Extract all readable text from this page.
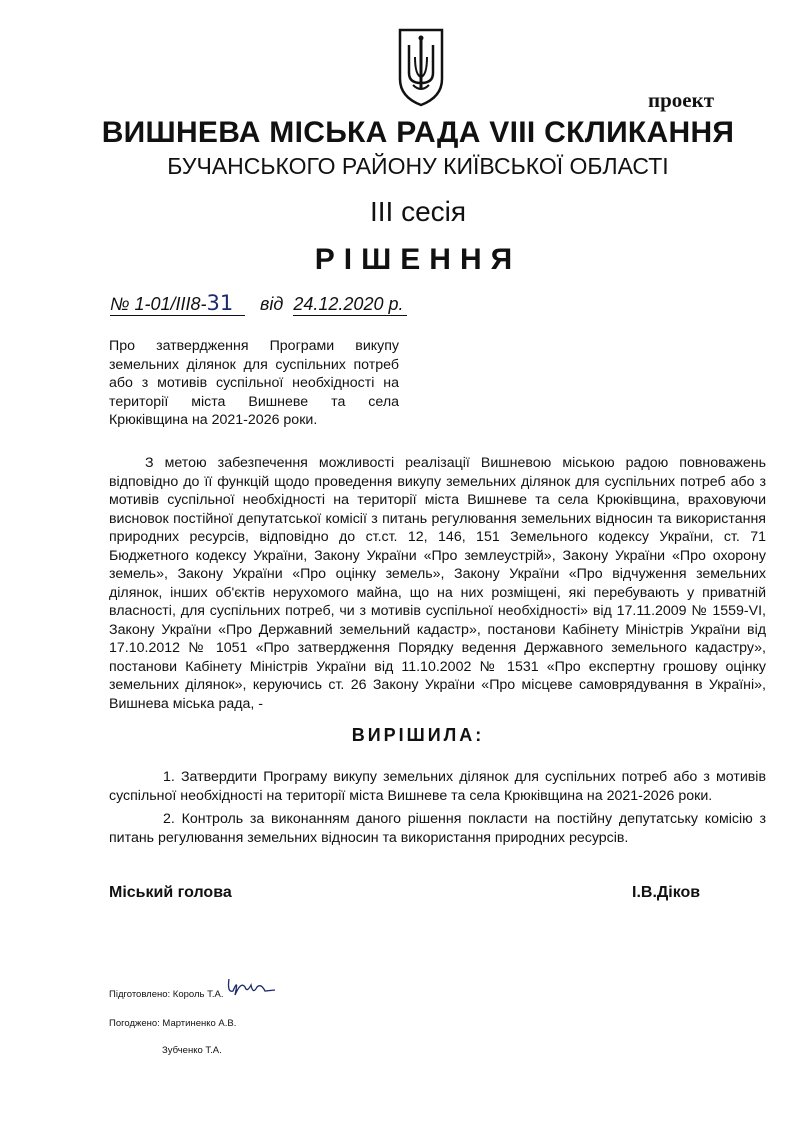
проект
ВИШНЕВА МІСЬКА РАДА VIII СКЛИКАННЯ
БУЧАНСЬКОГО РАЙОНУ КИЇВСЬКОЇ ОБЛАСТІ
ІІІ сесія
РІШЕННЯ
№ 1-01/ІІІ8-31 від 24.12.2020 р.
Про затвердження Програми викупу земельних ділянок для суспільних потреб або з мотивів суспільної необхідності на території міста Вишневе та села Крюківщина на 2021-2026 роки.
З метою забезпечення можливості реалізації Вишневою міською радою повноважень відповідно до її функцій щодо проведення викупу земельних ділянок для суспільних потреб або з мотивів суспільної необхідності на території міста Вишневе та села Крюківщина, враховуючи висновок постійної депутатської комісії з питань регулювання земельних відносин та використання природних ресурсів, відповідно до ст.ст. 12, 146, 151 Земельного кодексу України, ст. 71 Бюджетного кодексу України, Закону України «Про землеустрій», Закону України «Про охорону земель», Закону України «Про оцінку земель», Закону України «Про відчуження земельних ділянок, інших об'єктів нерухомого майна, що на них розміщені, які перебувають у приватній власності, для суспільних потреб, чи з мотивів суспільної необхідності» від 17.11.2009 № 1559-VI, Закону України «Про Державний земельний кадастр», постанови Кабінету Міністрів України від 17.10.2012 № 1051 «Про затвердження Порядку ведення Державного земельного кадастру», постанови Кабінету Міністрів України від 11.10.2002 № 1531 «Про експертну грошову оцінку земельних ділянок», керуючись ст. 26 Закону України «Про місцеве самоврядування в Україні», Вишнева міська рада, -
ВИРІШИЛА:
1. Затвердити Програму викупу земельних ділянок для суспільних потреб або з мотивів суспільної необхідності на території міста Вишневе та села Крюківщина на 2021-2026 роки.
2. Контроль за виконанням даного рішення покласти на постійну депутатську комісію з питань регулювання земельних відносин та використання природних ресурсів.
Міський голова	І.В.Діков
Підготовлено: Король Т.А.
Погоджено: Мартиненко А.В.
Зубченко Т.А.
